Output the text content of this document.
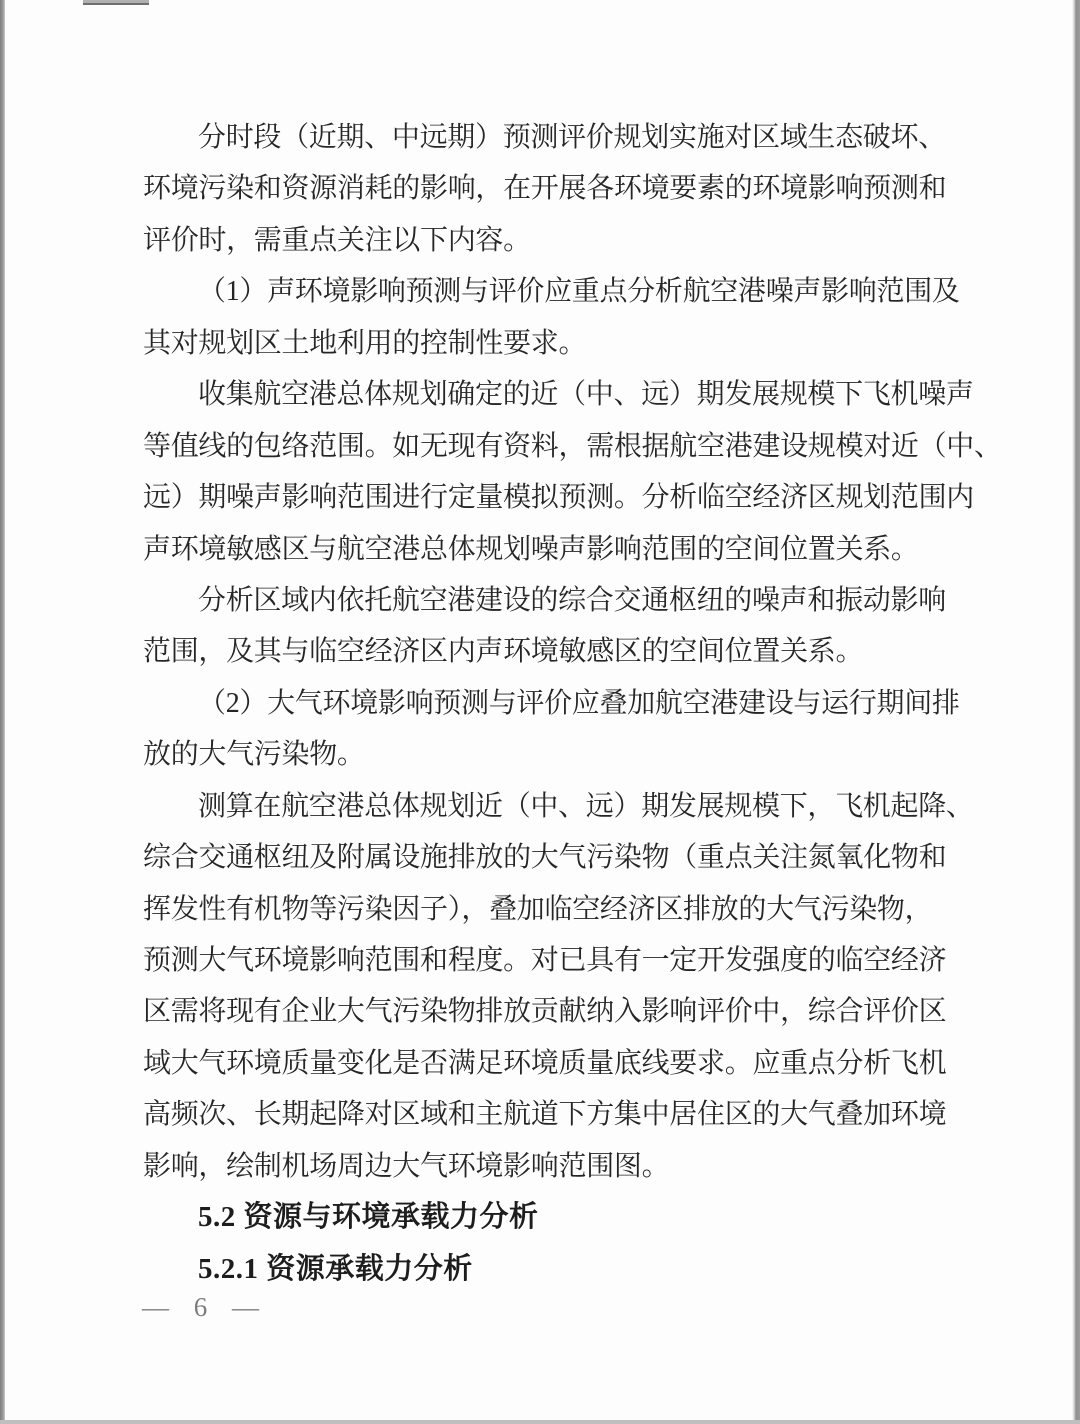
分时段（近期、中远期）预测评价规划实施对区域生态破坏、
环境污染和资源消耗的影响，在开展各环境要素的环境影响预测和
评价时，需重点关注以下内容。
（1）声环境影响预测与评价应重点分析航空港噪声影响范围及
其对规划区土地利用的控制性要求。
收集航空港总体规划确定的近（中、远）期发展规模下飞机噪声
等值线的包络范围。如无现有资料，需根据航空港建设规模对近（中、
远）期噪声影响范围进行定量模拟预测。分析临空经济区规划范围内
声环境敏感区与航空港总体规划噪声影响范围的空间位置关系。
分析区域内依托航空港建设的综合交通枢纽的噪声和振动影响
范围，及其与临空经济区内声环境敏感区的空间位置关系。
（2）大气环境影响预测与评价应叠加航空港建设与运行期间排
放的大气污染物。
测算在航空港总体规划近（中、远）期发展规模下，飞机起降、
综合交通枢纽及附属设施排放的大气污染物（重点关注氮氧化物和
挥发性有机物等污染因子），叠加临空经济区排放的大气污染物，
预测大气环境影响范围和程度。对已具有一定开发强度的临空经济
区需将现有企业大气污染物排放贡献纳入影响评价中，综合评价区
域大气环境质量变化是否满足环境质量底线要求。应重点分析飞机
高频次、长期起降对区域和主航道下方集中居住区的大气叠加环境
影响，绘制机场周边大气环境影响范围图。
5.2 资源与环境承载力分析
5.2.1 资源承载力分析
— 6 —
